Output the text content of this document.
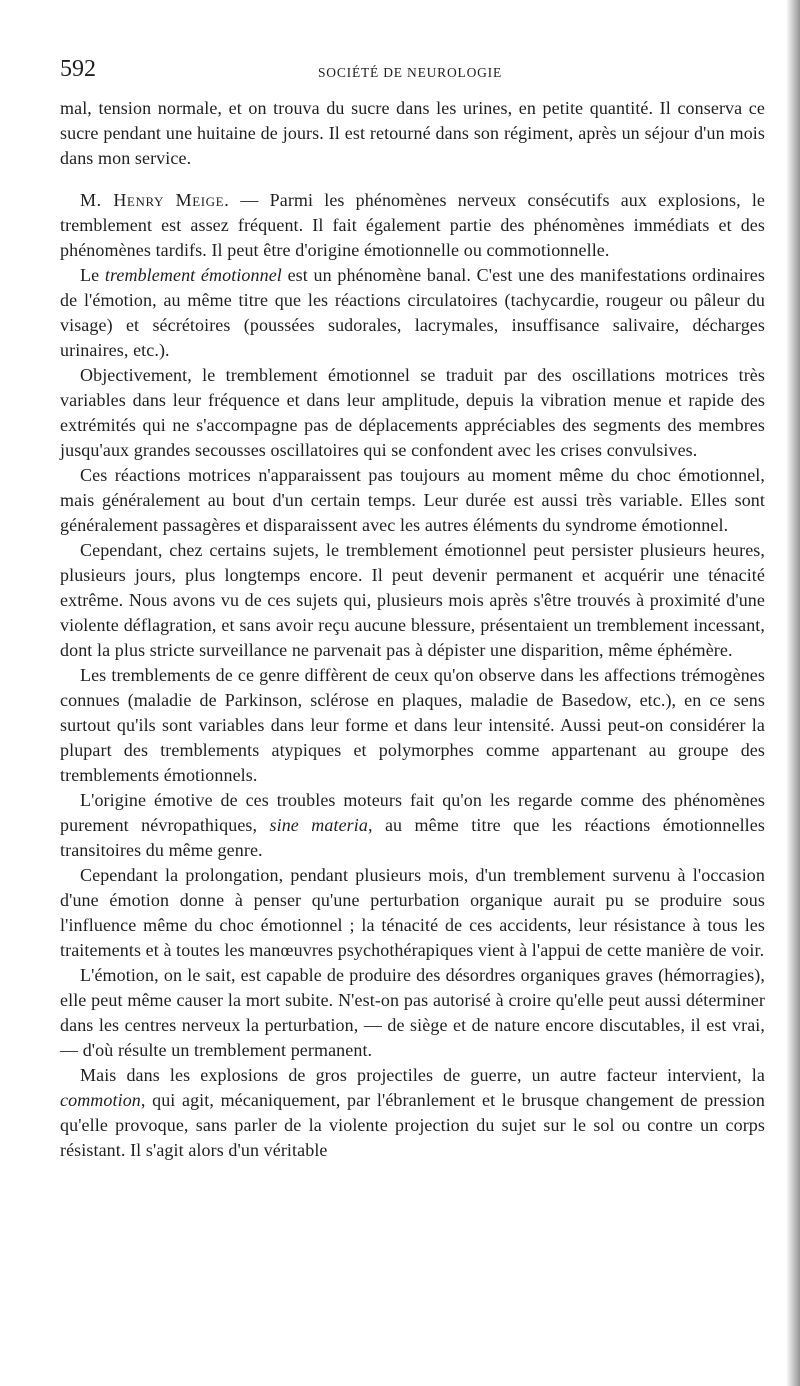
592	SOCIÉTÉ DE NEUROLOGIE

mal, tension normale, et on trouva du sucre dans les urines, en petite quantité. Il conserva ce sucre pendant une huitaine de jours. Il est retourné dans son régiment, après un séjour d'un mois dans mon service.

M. Henry Meige. — Parmi les phénomènes nerveux consécutifs aux explosions, le tremblement est assez fréquent. Il fait également partie des phénomènes immédiats et des phénomènes tardifs. Il peut être d'origine émotionnelle ou commotionnelle.

Le tremblement émotionnel est un phénomène banal. C'est une des manifestations ordinaires de l'émotion, au même titre que les réactions circulatoires (tachycardie, rougeur ou pâleur du visage) et sécrétoires (poussées sudorales, lacrymales, insuffisance salivaire, décharges urinaires, etc.).

Objectivement, le tremblement émotionnel se traduit par des oscillations motrices très variables dans leur fréquence et dans leur amplitude, depuis la vibration menue et rapide des extrémités qui ne s'accompagne pas de déplacements appréciables des segments des membres jusqu'aux grandes secousses oscillatoires qui se confondent avec les crises convulsives.

Ces réactions motrices n'apparaissent pas toujours au moment même du choc émotionnel, mais généralement au bout d'un certain temps. Leur durée est aussi très variable. Elles sont généralement passagères et disparaissent avec les autres éléments du syndrome émotionnel.

Cependant, chez certains sujets, le tremblement émotionnel peut persister plusieurs heures, plusieurs jours, plus longtemps encore. Il peut devenir permanent et acquérir une ténacité extrême. Nous avons vu de ces sujets qui, plusieurs mois après s'être trouvés à proximité d'une violente déflagration, et sans avoir reçu aucune blessure, présentaient un tremblement incessant, dont la plus stricte surveillance ne parvenait pas à dépister une disparition, même éphémère.

Les tremblements de ce genre diffèrent de ceux qu'on observe dans les affections trémogènes connues (maladie de Parkinson, sclérose en plaques, maladie de Basedow, etc.), en ce sens surtout qu'ils sont variables dans leur forme et dans leur intensité. Aussi peut-on considérer la plupart des tremblements atypiques et polymorphes comme appartenant au groupe des tremblements émotionnels.

L'origine émotive de ces troubles moteurs fait qu'on les regarde comme des phénomènes purement névropathiques, sine materia, au même titre que les réactions émotionnelles transitoires du même genre.

Cependant la prolongation, pendant plusieurs mois, d'un tremblement survenu à l'occasion d'une émotion donne à penser qu'une perturbation organique aurait pu se produire sous l'influence même du choc émotionnel ; la ténacité de ces accidents, leur résistance à tous les traitements et à toutes les manœuvres psychothérapiques vient à l'appui de cette manière de voir.

L'émotion, on le sait, est capable de produire des désordres organiques graves (hémorragies), elle peut même causer la mort subite. N'est-on pas autorisé à croire qu'elle peut aussi déterminer dans les centres nerveux la perturbation, — de siège et de nature encore discutables, il est vrai, — d'où résulte un tremblement permanent.

Mais dans les explosions de gros projectiles de guerre, un autre facteur intervient, la commotion, qui agit, mécaniquement, par l'ébranlement et le brusque changement de pression qu'elle provoque, sans parler de la violente projection du sujet sur le sol ou contre un corps résistant. Il s'agit alors d'un véritable
